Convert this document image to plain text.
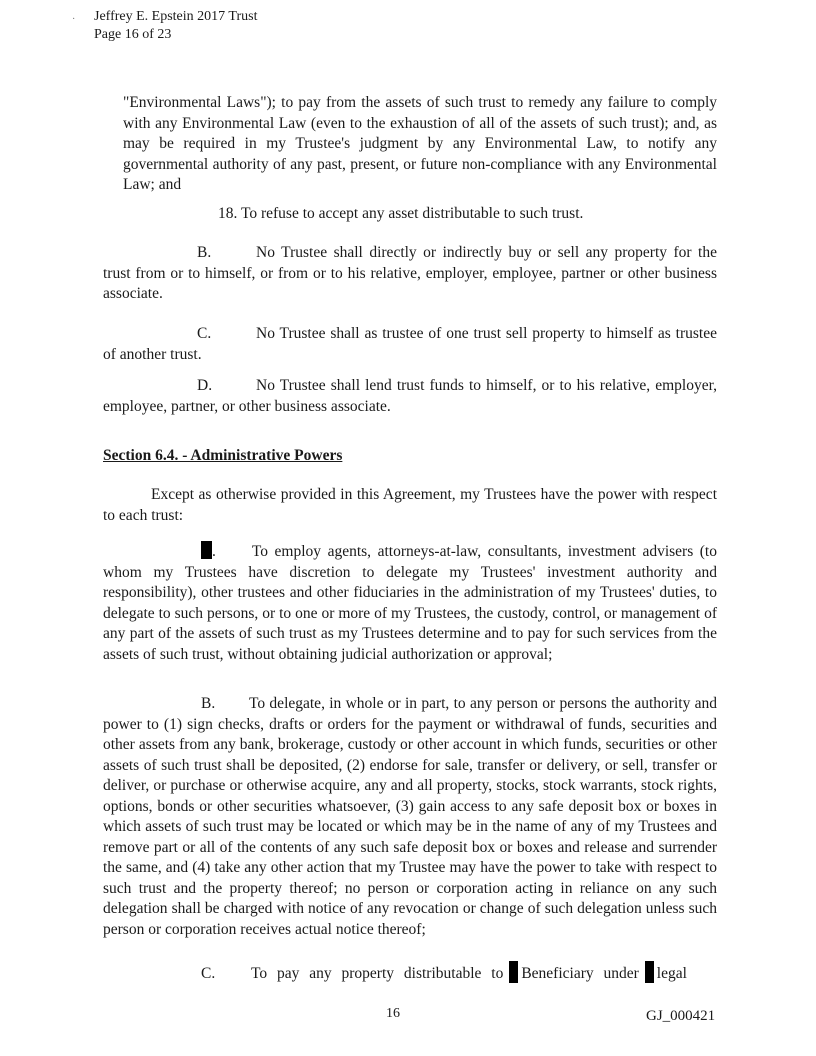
· Jeffrey E. Epstein 2017 Trust
Page 16 of 23
"Environmental Laws"); to pay from the assets of such trust to remedy any failure to comply with any Environmental Law (even to the exhaustion of all of the assets of such trust); and, as may be required in my Trustee's judgment by any Environmental Law, to notify any governmental authority of any past, present, or future non-compliance with any Environmental Law; and
18. To refuse to accept any asset distributable to such trust.
B.	No Trustee shall directly or indirectly buy or sell any property for the trust from or to himself, or from or to his relative, employer, employee, partner or other business associate.
C.	No Trustee shall as trustee of one trust sell property to himself as trustee of another trust.
D.	No Trustee shall lend trust funds to himself, or to his relative, employer, employee, partner, or other business associate.
Section 6.4. - Administrative Powers
Except as otherwise provided in this Agreement, my Trustees have the power with respect to each trust:
. To employ agents, attorneys-at-law, consultants, investment advisers (to whom my Trustees have discretion to delegate my Trustees' investment authority and responsibility), other trustees and other fiduciaries in the administration of my Trustees' duties, to delegate to such persons, or to one or more of my Trustees, the custody, control, or management of any part of the assets of such trust as my Trustees determine and to pay for such services from the assets of such trust, without obtaining judicial authorization or approval;
B. To delegate, in whole or in part, to any person or persons the authority and power to (1) sign checks, drafts or orders for the payment or withdrawal of funds, securities and other assets from any bank, brokerage, custody or other account in which funds, securities or other assets of such trust shall be deposited, (2) endorse for sale, transfer or delivery, or sell, transfer or deliver, or purchase or otherwise acquire, any and all property, stocks, stock warrants, stock rights, options, bonds or other securities whatsoever, (3) gain access to any safe deposit box or boxes in which assets of such trust may be located or which may be in the name of any of my Trustees and remove part or all of the contents of any such safe deposit box or boxes and release and surrender the same, and (4) take any other action that my Trustee may have the power to take with respect to such trust and the property thereof; no person or corporation acting in reliance on any such delegation shall be charged with notice of any revocation or change of such delegation unless such person or corporation receives actual notice thereof;
C. To pay any property distributable to Beneficiary under legal
16	GJ_000421
